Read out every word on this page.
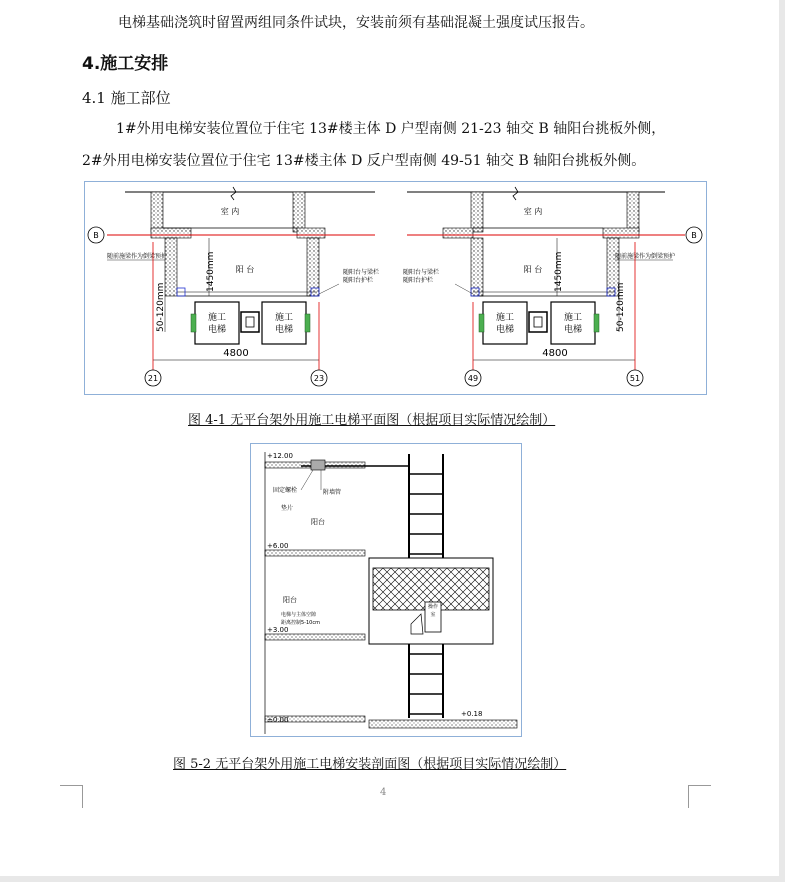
电梯基础浇筑时留置两组同条件试块，安装前须有基础混凝土强度试压报告。
4.施工安排
4.1 施工部位
1#外用电梯安装位置位于住宅 13#楼主体 D 户型南侧 21-23 轴交 B 轴阳台挑板外侧，
2#外用电梯安装位置位于住宅 13#楼主体 D 反户型南侧 49-51 轴交 B 轴阳台挑板外侧。
室 内
B
阳 台
1450mm
50-120mm
随前施梁作为倒梁预护
随阳台与梁栏
随阳台护栏
施工
电梯
施工
电梯
4800
21	23
室 内
B
阳 台 1450mm
50-120mm
随阳台与梁栏
随阳台护栏
随前施梁作为倒梁预护
施工
电梯
施工
电梯
4800
49	51
图 4-1 无平台架外用施工电梯平面图（根据项目实际情况绘制）
+12.00
+6.00
+3.00
±0.00
固定螺栓	附墙管
垫片
阳台
阳台
电梯与主体空隙
距离控制5-10cm
操作
室
+0.18
图 5-2 无平台架外用施工电梯安装剖面图（根据项目实际情况绘制）
4
